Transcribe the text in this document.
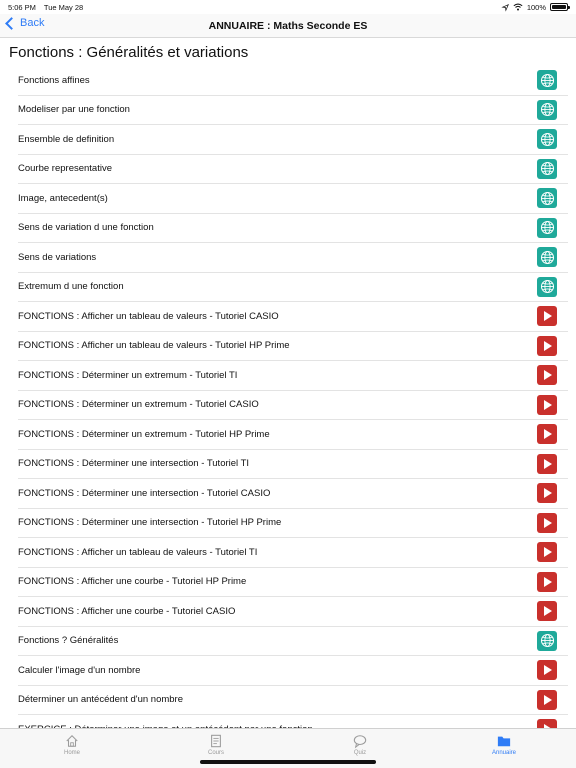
5:06 PM Tue May 28	100%
Back	ANNUAIRE : Maths Seconde ES
Fonctions : Généralités et variations
Fonctions affines
Modeliser par une fonction
Ensemble de definition
Courbe representative
Image, antecedent(s)
Sens de variation d une fonction
Sens de variations
Extremum d une fonction
FONCTIONS : Afficher un tableau de valeurs - Tutoriel CASIO
FONCTIONS : Afficher un tableau de valeurs - Tutoriel HP Prime
FONCTIONS : Déterminer un extremum - Tutoriel TI
FONCTIONS : Déterminer un extremum - Tutoriel CASIO
FONCTIONS : Déterminer un extremum - Tutoriel HP Prime
FONCTIONS : Déterminer une intersection - Tutoriel TI
FONCTIONS : Déterminer une intersection - Tutoriel CASIO
FONCTIONS : Déterminer une intersection - Tutoriel HP Prime
FONCTIONS : Afficher un tableau de valeurs - Tutoriel TI
FONCTIONS : Afficher une courbe - Tutoriel HP Prime
FONCTIONS : Afficher une courbe - Tutoriel CASIO
Fonctions ? Généralités
Calculer l'image d'un nombre
Déterminer un antécédent d'un nombre
Home	Cours	Quiz	Annuaire
